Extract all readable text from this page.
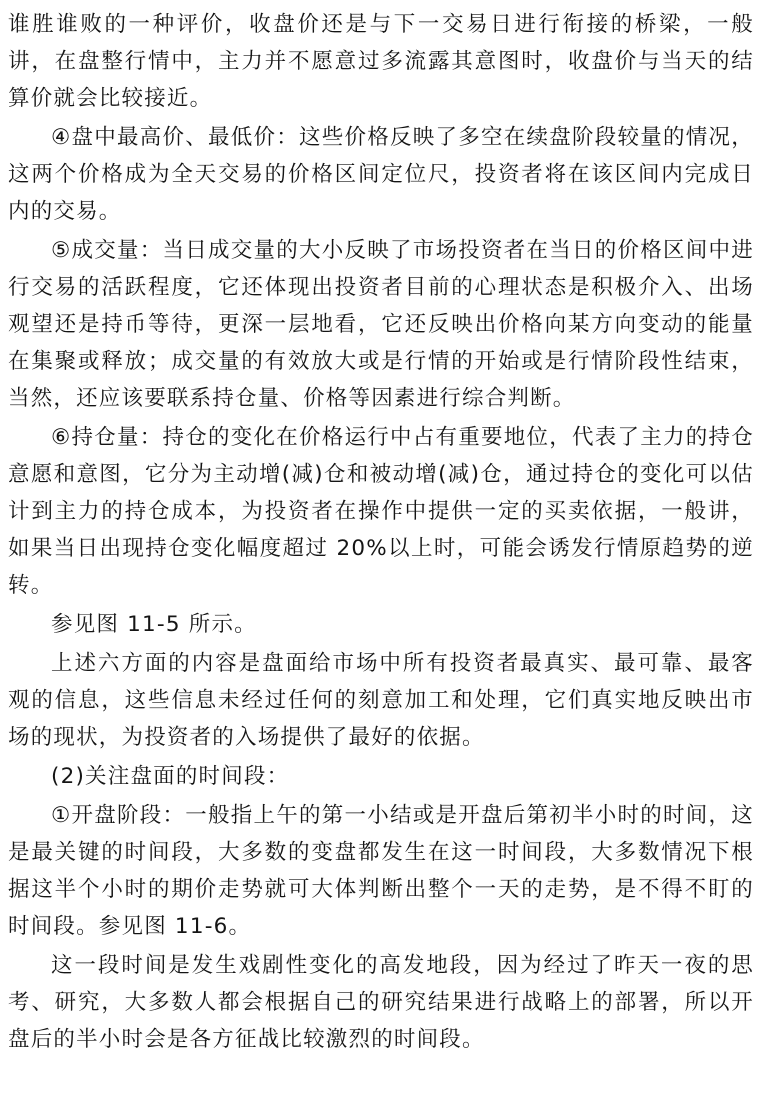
谁胜谁败的一种评价，收盘价还是与下一交易日进行衔接的桥梁，一般讲，在盘整行情中，主力并不愿意过多流露其意图时，收盘价与当天的结算价就会比较接近。

④盘中最高价、最低价：这些价格反映了多空在续盘阶段较量的情况，这两个价格成为全天交易的价格区间定位尺，投资者将在该区间内完成日内的交易。

⑤成交量：当日成交量的大小反映了市场投资者在当日的价格区间中进行交易的活跃程度，它还体现出投资者目前的心理状态是积极介入、出场观望还是持币等待，更深一层地看，它还反映出价格向某方向变动的能量在集聚或释放；成交量的有效放大或是行情的开始或是行情阶段性结束，当然，还应该要联系持仓量、价格等因素进行综合判断。

⑥持仓量：持仓的变化在价格运行中占有重要地位，代表了主力的持仓意愿和意图，它分为主动增(减)仓和被动增(减)仓，通过持仓的变化可以估计到主力的持仓成本，为投资者在操作中提供一定的买卖依据，一般讲，如果当日出现持仓变化幅度超过 20%以上时，可能会诱发行情原趋势的逆转。

参见图 11-5 所示。

上述六方面的内容是盘面给市场中所有投资者最真实、最可靠、最客观的信息，这些信息未经过任何的刻意加工和处理，它们真实地反映出市场的现状，为投资者的入场提供了最好的依据。

(2)关注盘面的时间段：

①开盘阶段：一般指上午的第一小结或是开盘后第初半小时的时间，这是最关键的时间段，大多数的变盘都发生在这一时间段，大多数情况下根据这半个小时的期价走势就可大体判断出整个一天的走势，是不得不盯的时间段。参见图 11-6。

这一段时间是发生戏剧性变化的高发地段，因为经过了昨天一夜的思考、研究，大多数人都会根据自己的研究结果进行战略上的部署，所以开盘后的半小时会是各方征战比较激烈的时间段。
